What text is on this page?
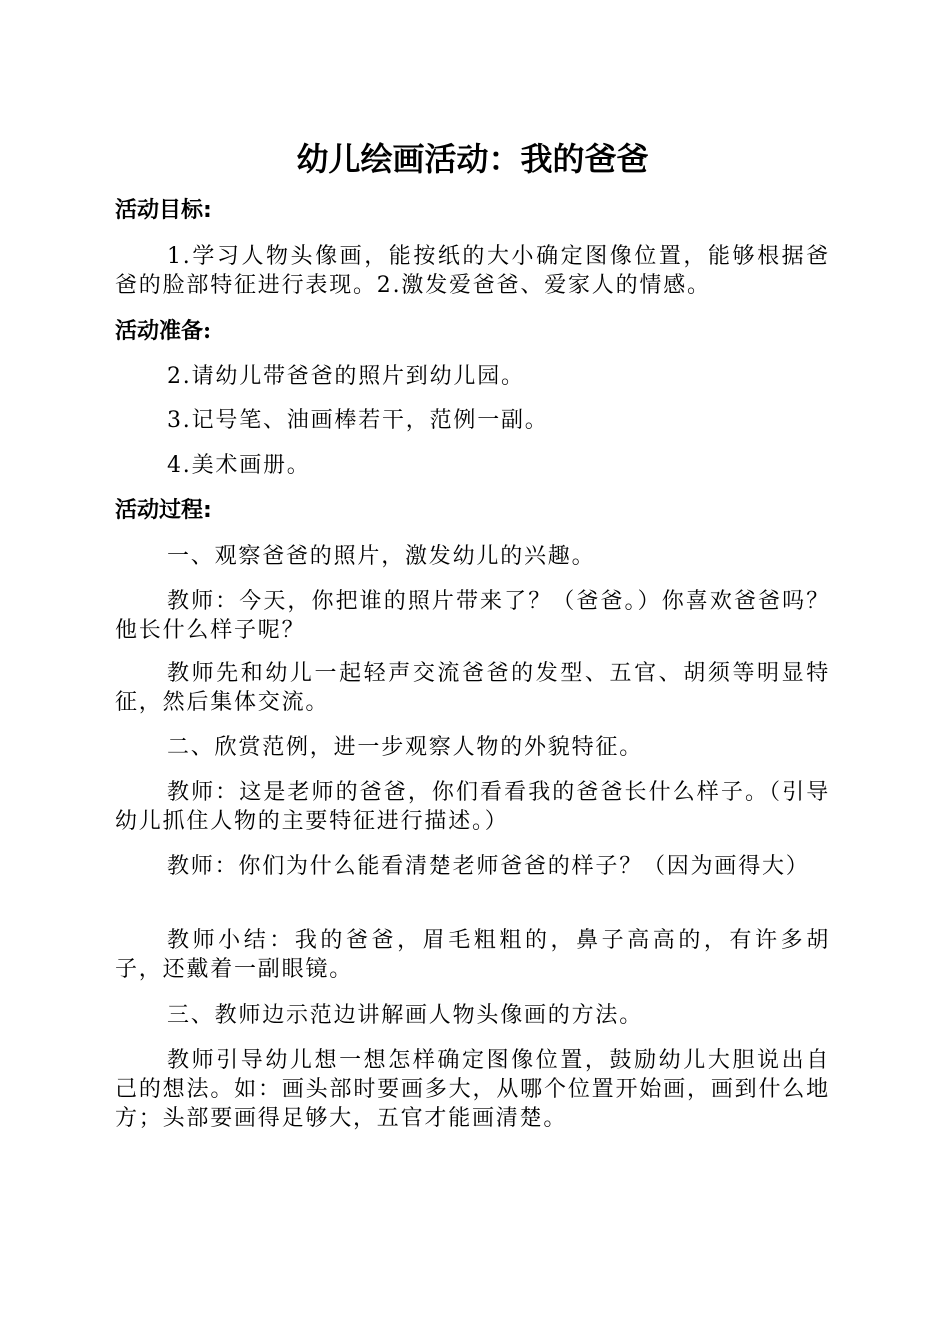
幼儿绘画活动：我的爸爸
活动目标:

1.学习人物头像画，能按纸的大小确定图像位置，能够根据爸爸的脸部特征进行表现。2.激发爱爸爸、爱家人的情感。

活动准备:

2.请幼儿带爸爸的照片到幼儿园。

3.记号笔、油画棒若干，范例一副。

4.美术画册。

活动过程:

一、观察爸爸的照片，激发幼儿的兴趣。

教师：今天，你把谁的照片带来了？（爸爸。）你喜欢爸爸吗？他长什么样子呢？

教师先和幼儿一起轻声交流爸爸的发型、五官、胡须等明显特征，然后集体交流。

二、欣赏范例，进一步观察人物的外貌特征。

教师：这是老师的爸爸，你们看看我的爸爸长什么样子。（引导幼儿抓住人物的主要特征进行描述。）

教师：你们为什么能看清楚老师爸爸的样子？（因为画得大）

教师小结：我的爸爸，眉毛粗粗的，鼻子高高的，有许多胡子，还戴着一副眼镜。

三、教师边示范边讲解画人物头像画的方法。

教师引导幼儿想一想怎样确定图像位置，鼓励幼儿大胆说出自己的想法。如：画头部时要画多大，从哪个位置开始画，画到什么地方；头部要画得足够大，五官才能画清楚。
